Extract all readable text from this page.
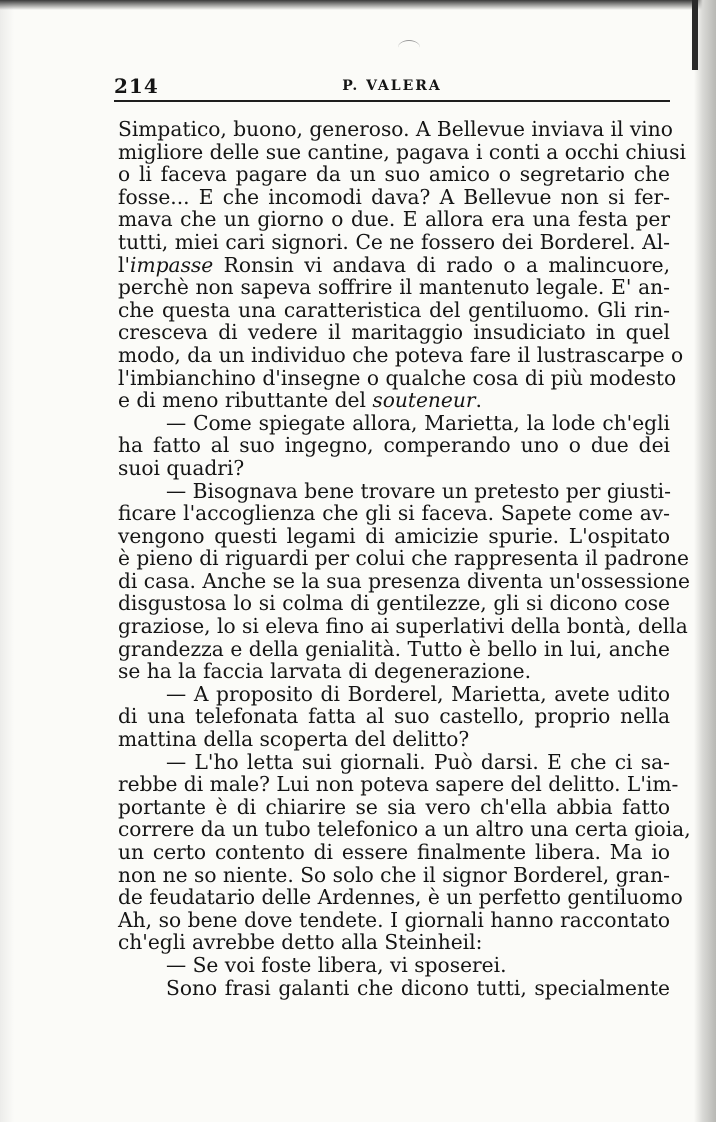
214	P. VALERA
Simpatico, buono, generoso. A Bellevue inviava il vino
migliore delle sue cantine, pagava i conti a occhi chiusi
o li faceva pagare da un suo amico o segretario che
fosse... E che incomodi dava? A Bellevue non si fer-
mava che un giorno o due. E allora era una festa per
tutti, miei cari signori. Ce ne fossero dei Borderel. Al-
l'impasse Ronsin vi andava di rado o a malincuore,
perchè non sapeva soffrire il mantenuto legale. E' an-
che questa una caratteristica del gentiluomo. Gli rin-
cresceva di vedere il maritaggio insudiciato in quel
modo, da un individuo che poteva fare il lustrascarpe o
l'imbianchino d'insegne o qualche cosa di più modesto
e di meno ributtante del souteneur.
— Come spiegate allora, Marietta, la lode ch'egli
ha fatto al suo ingegno, comperando uno o due dei
suoi quadri?
— Bisognava bene trovare un pretesto per giusti-
ficare l'accoglienza che gli si faceva. Sapete come av-
vengono questi legami di amicizie spurie. L'ospitato
è pieno di riguardi per colui che rappresenta il padrone
di casa. Anche se la sua presenza diventa un'ossessione
disgustosa lo si colma di gentilezze, gli si dicono cose
graziose, lo si eleva fino ai superlativi della bontà, della
grandezza e della genialità. Tutto è bello in lui, anche
se ha la faccia larvata di degenerazione.
— A proposito di Borderel, Marietta, avete udito
di una telefonata fatta al suo castello, proprio nella
mattina della scoperta del delitto?
— L'ho letta sui giornali. Può darsi. E che ci sa-
rebbe di male? Lui non poteva sapere del delitto. L'im-
portante è di chiarire se sia vero ch'ella abbia fatto
correre da un tubo telefonico a un altro una certa gioia,
un certo contento di essere finalmente libera. Ma io
non ne so niente. So solo che il signor Borderel, gran-
de feudatario delle Ardennes, è un perfetto gentiluomo
Ah, so bene dove tendete. I giornali hanno raccontato
ch'egli avrebbe detto alla Steinheil:
— Se voi foste libera, vi sposerei.
Sono frasi galanti che dicono tutti, specialmente
